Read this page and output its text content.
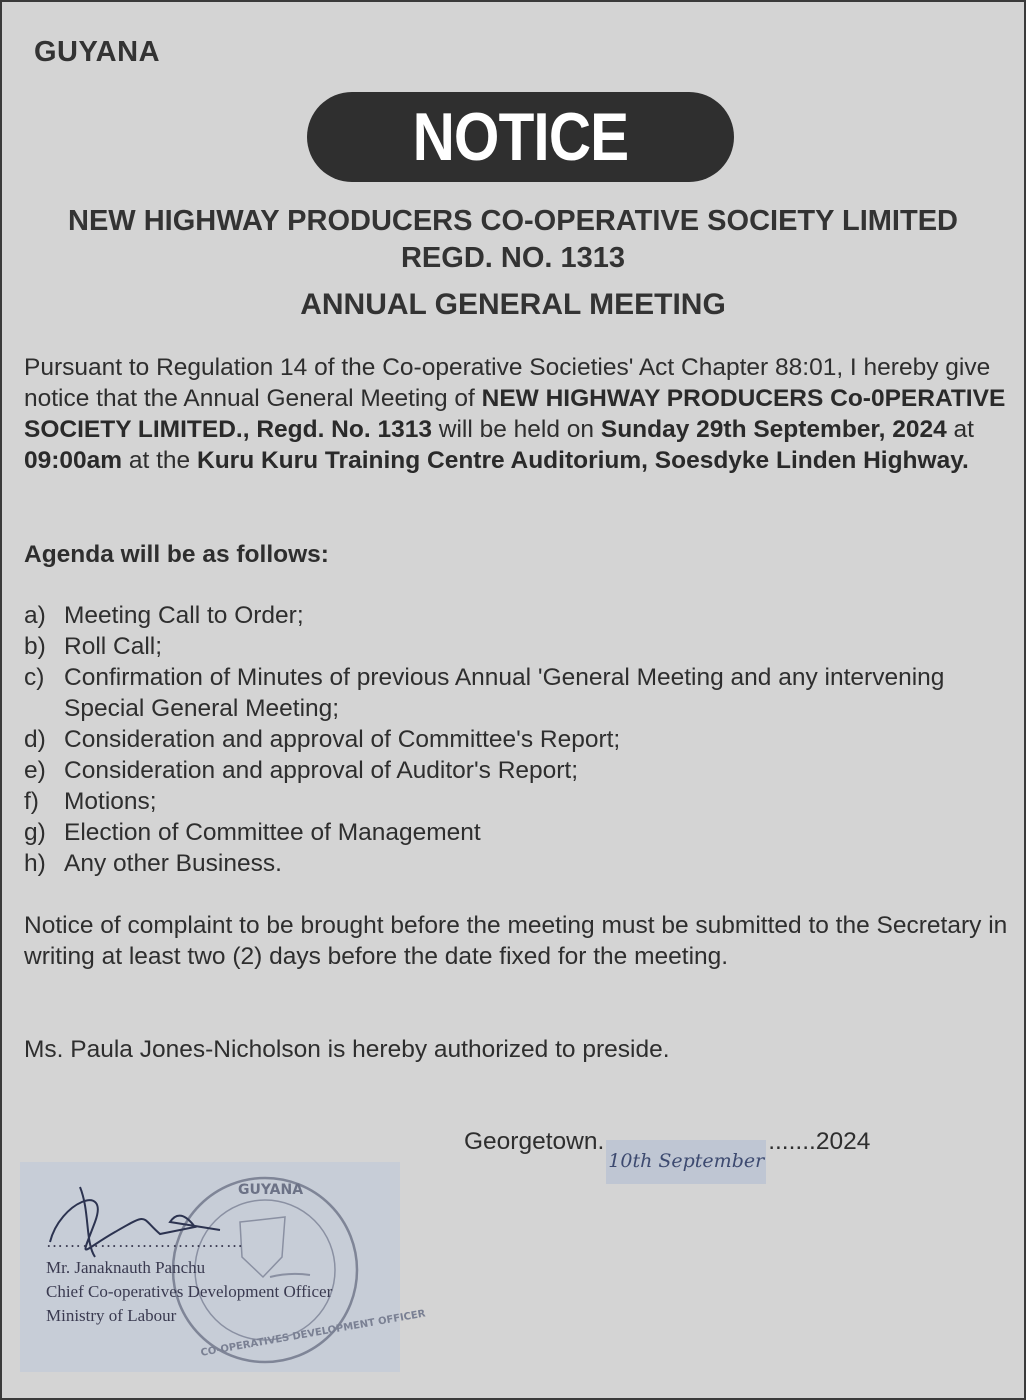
GUYANA
NOTICE
NEW HIGHWAY PRODUCERS CO-OPERATIVE SOCIETY LIMITED
REGD. NO. 1313
ANNUAL GENERAL MEETING
Pursuant to Regulation 14 of the Co-operative Societies' Act Chapter 88:01, I hereby give notice that the Annual General Meeting of NEW HIGHWAY PRODUCERS Co-0PERATIVE SOCIETY LIMITED., Regd. No. 1313 will be held on Sunday 29th September, 2024 at 09:00am at the Kuru Kuru Training Centre Auditorium, Soesdyke Linden Highway.
Agenda will be as follows:
a) Meeting Call to Order;
b) Roll Call;
c) Confirmation of Minutes of previous Annual 'General Meeting and any intervening Special General Meeting;
d) Consideration and approval of Committee's Report;
e) Consideration and approval of Auditor's Report;
f)	Motions;
g) Election of Committee of Management
h) Any other Business.
Notice of complaint to be brought before the meeting must be submitted to the Secretary in
writing at least two (2) days before the date fixed for the meeting.
Ms. Paula Jones-Nicholson is hereby authorized to preside.
$Georgetown._{10th September}.......2024$
GUYANA
CO-OPERATIVES DEVELOPMENT OFFICER
……………………………
Mr. Janaknauth Panchu
Chief Co-operatives Development Officer
Ministry of Labour
